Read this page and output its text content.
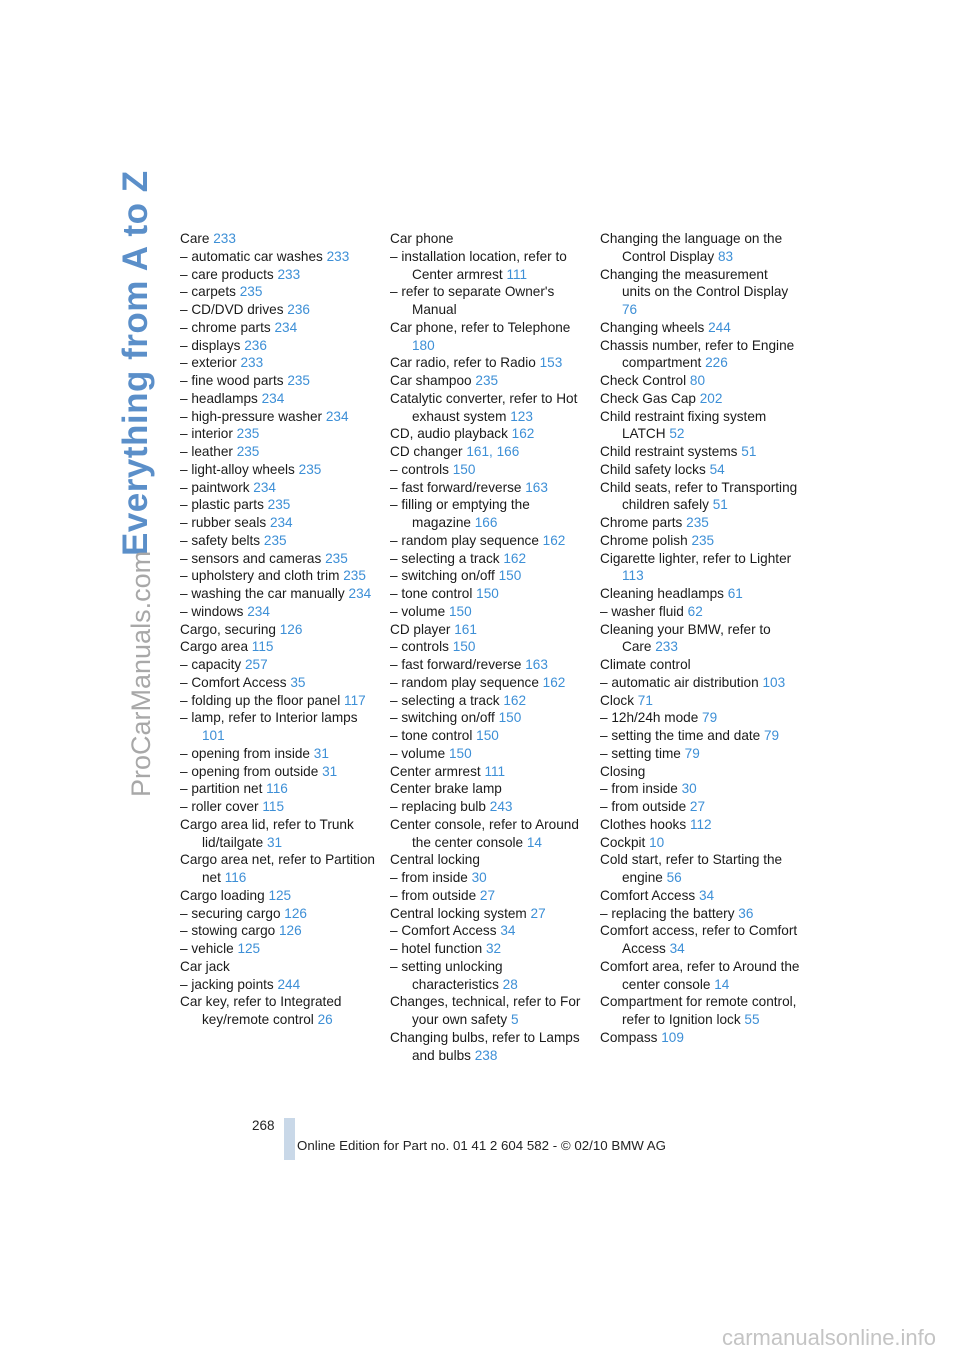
Everything from A to Z
ProCarManuals.com
Care 233
– automatic car washes 233
– care products 233
– carpets 235
– CD/DVD drives 236
– chrome parts 234
– displays 236
– exterior 233
– fine wood parts 235
– headlamps 234
– high-pressure washer 234
– interior 235
– leather 235
– light-alloy wheels 235
– paintwork 234
– plastic parts 235
– rubber seals 234
– safety belts 235
– sensors and cameras 235
– upholstery and cloth trim 235
– washing the car manually 234
– windows 234
Cargo, securing 126
Cargo area 115
– capacity 257
– Comfort Access 35
– folding up the floor panel 117
– lamp, refer to Interior lamps 101
– opening from inside 31
– opening from outside 31
– partition net 116
– roller cover 115
Cargo area lid, refer to Trunk lid/tailgate 31
Cargo area net, refer to Partition net 116
Cargo loading 125
– securing cargo 126
– stowing cargo 126
– vehicle 125
Car jack
– jacking points 244
Car key, refer to Integrated key/remote control 26
Car phone
– installation location, refer to Center armrest 111
– refer to separate Owner's Manual
Car phone, refer to Telephone 180
Car radio, refer to Radio 153
Car shampoo 235
Catalytic converter, refer to Hot exhaust system 123
CD, audio playback 162
CD changer 161, 166
– controls 150
– fast forward/reverse 163
– filling or emptying the magazine 166
– random play sequence 162
– selecting a track 162
– switching on/off 150
– tone control 150
– volume 150
CD player 161
– controls 150
– fast forward/reverse 163
– random play sequence 162
– selecting a track 162
– switching on/off 150
– tone control 150
– volume 150
Center armrest 111
Center brake lamp
– replacing bulb 243
Center console, refer to Around the center console 14
Central locking
– from inside 30
– from outside 27
Central locking system 27
– Comfort Access 34
– hotel function 32
– setting unlocking characteristics 28
Changes, technical, refer to For your own safety 5
Changing bulbs, refer to Lamps and bulbs 238
Changing the language on the Control Display 83
Changing the measurement units on the Control Display 76
Changing wheels 244
Chassis number, refer to Engine compartment 226
Check Control 80
Check Gas Cap 202
Child restraint fixing system LATCH 52
Child restraint systems 51
Child safety locks 54
Child seats, refer to Transporting children safely 51
Chrome parts 235
Chrome polish 235
Cigarette lighter, refer to Lighter 113
Cleaning headlamps 61
– washer fluid 62
Cleaning your BMW, refer to Care 233
Climate control
– automatic air distribution 103
Clock 71
– 12h/24h mode 79
– setting the time and date 79
– setting time 79
Closing
– from inside 30
– from outside 27
Clothes hooks 112
Cockpit 10
Cold start, refer to Starting the engine 56
Comfort Access 34
– replacing the battery 36
Comfort access, refer to Comfort Access 34
Comfort area, refer to Around the center console 14
Compartment for remote control, refer to Ignition lock 55
Compass 109
268
Online Edition for Part no. 01 41 2 604 582 - © 02/10 BMW AG
carmanualsonline.info
